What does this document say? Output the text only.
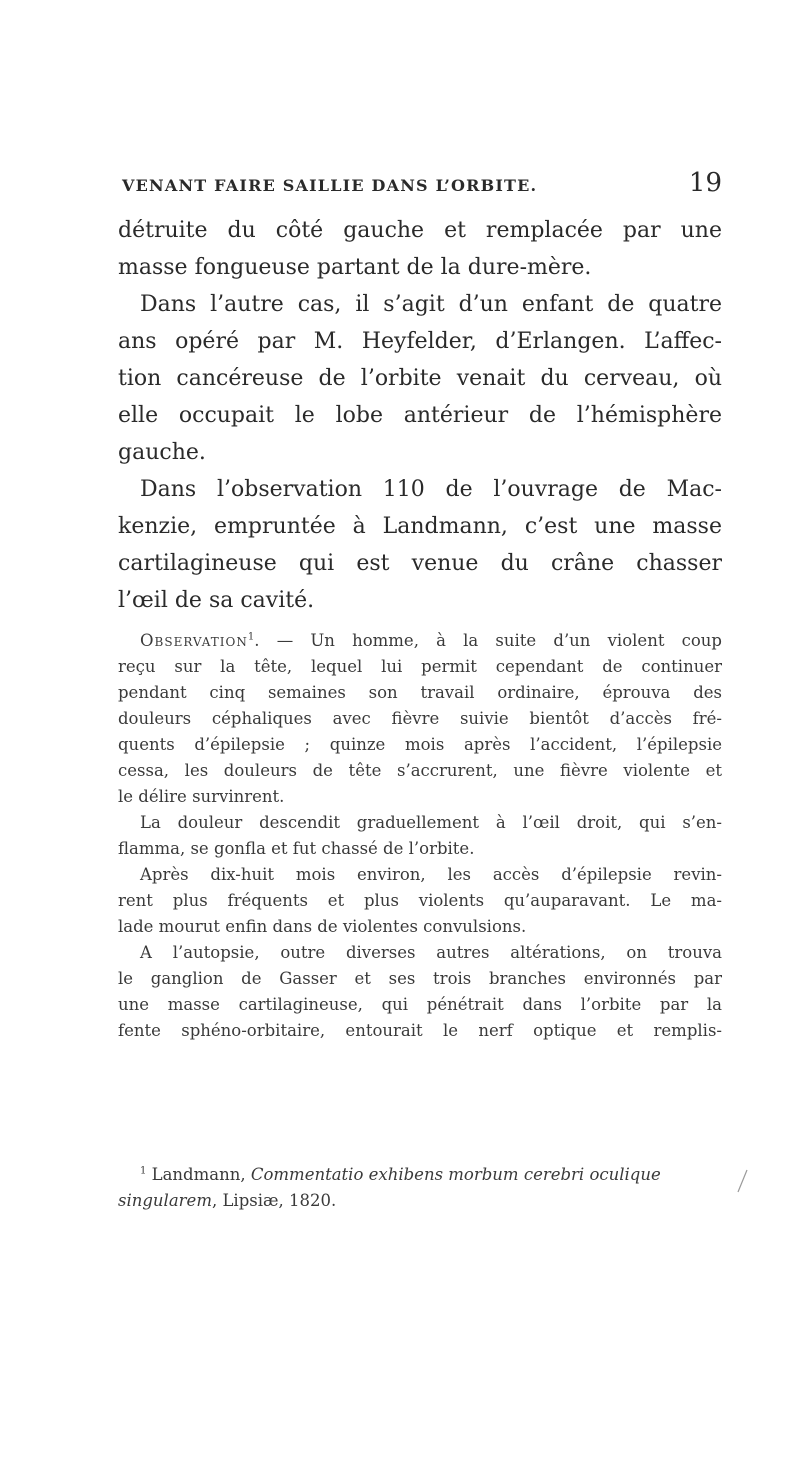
VENANT FAIRE SAILLIE DANS L’ORBITE.	19
détruite du côté gauche et remplacée par une
masse fongueuse partant de la dure-mère.
Dans l’autre cas, il s’agit d’un enfant de quatre
ans opéré par M. Heyfelder, d’Erlangen. L’affec-
tion cancéreuse de l’orbite venait du cerveau, où
elle occupait le lobe antérieur de l’hémisphère
gauche.
Dans l’observation 110 de l’ouvrage de Mac-
kenzie, empruntée à Landmann, c’est une masse
cartilagineuse qui est venue du crâne chasser
l’œil de sa cavité.
Observation$^1$. — Un homme, à la suite d’un violent coup
reçu sur la tête, lequel lui permit cependant de continuer
pendant cinq semaines son travail ordinaire, éprouva des
douleurs céphaliques avec fièvre suivie bientôt d’accès fré-
quents d’épilepsie ; quinze mois après l’accident, l’épilepsie
cessa, les douleurs de tête s’accrurent, une fièvre violente et
le délire survinrent.
La douleur descendit graduellement à l’œil droit, qui s’en-
flamma, se gonfla et fut chassé de l’orbite.
Après dix-huit mois environ, les accès d’épilepsie revin-
rent plus fréquents et plus violents qu’auparavant. Le ma-
lade mourut enfin dans de violentes convulsions.
A l’autopsie, outre diverses autres altérations, on trouva
le ganglion de Gasser et ses trois branches environnés par
une masse cartilagineuse, qui pénétrait dans l’orbite par la
fente sphéno-orbitaire, entourait le nerf optique et remplis-
$^1$ Landmann, Commentatio exhibens morbum cerebri oculique
singularem, Lipsiæ, 1820.
